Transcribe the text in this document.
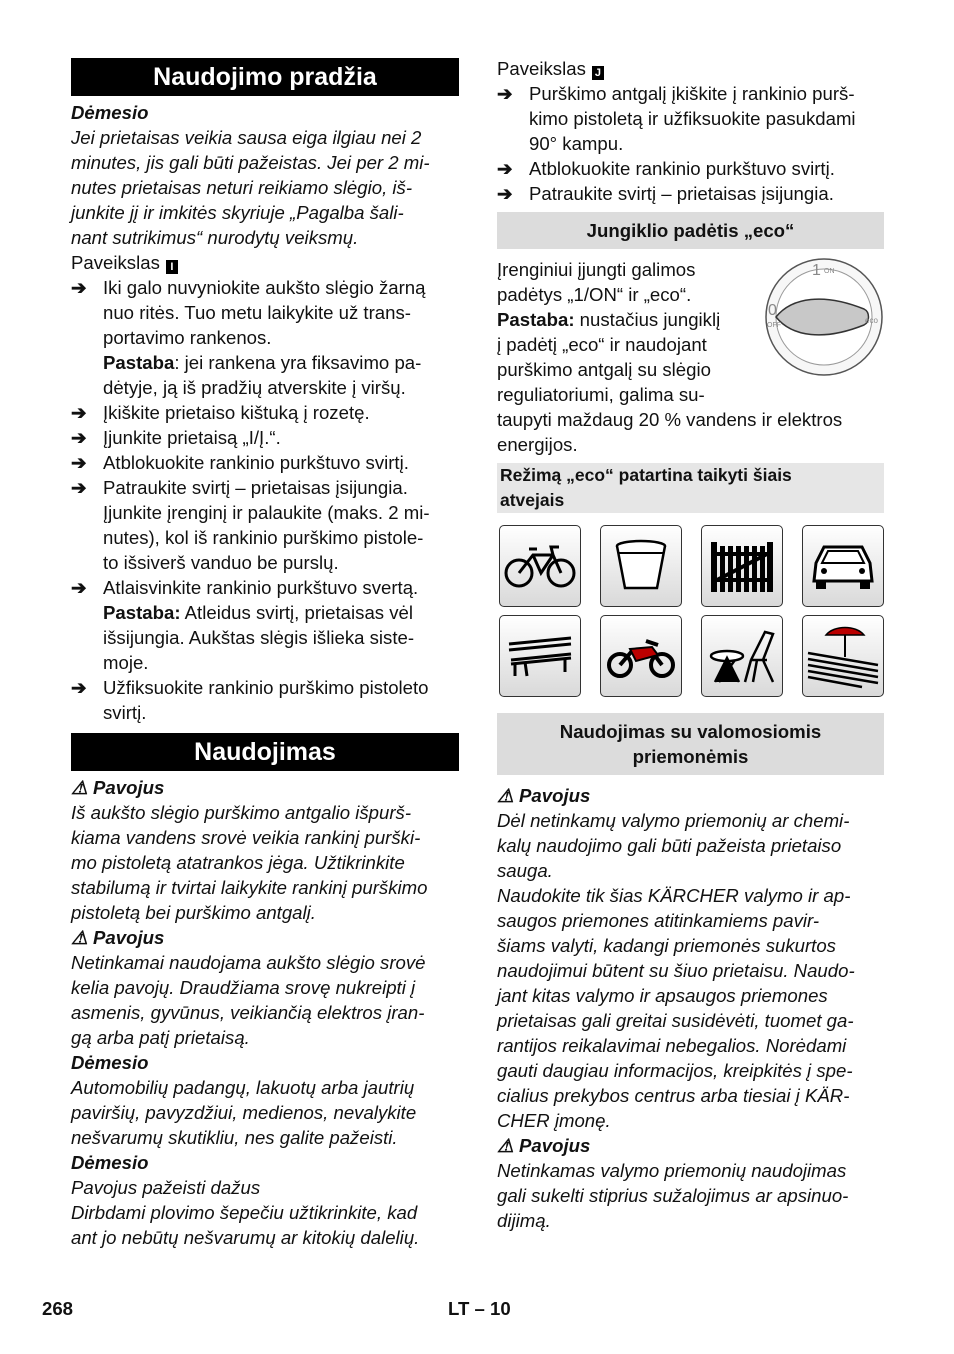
Naudojimo pradžia
Dėmesio
Jei prietaisas veikia sausa eiga ilgiau nei 2
minutes, jis gali būti pažeistas. Jei per 2 mi-
nutes prietaisas neturi reikiamo slėgio, iš-
junkite jį ir imkitės skyriuje „Pagalba šali-
nant sutrikimus“ nurodytų veiksmų.
Paveikslas I
➔ Iki galo nuvyniokite aukšto slėgio žarną
nuo ritės. Tuo metu laikykite už trans-
portavimo rankenos.
Pastaba: jei rankena yra fiksavimo pa-
dėtyje, ją iš pradžių atverskite į viršų.
➔ Įkiškite prietaiso kištuką į rozetę.
➔ Įjunkite prietaisą „I/Į.“.
➔ Atblokuokite rankinio purkštuvo svirtį.
➔ Patraukite svirtį – prietaisas įsijungia.
Įjunkite įrenginį ir palaukite (maks. 2 mi-
nutes), kol iš rankinio purškimo pistole-
to išsiverš vanduo be purslų.
➔ Atlaisvinkite rankinio purkštuvo svertą.
Pastaba: Atleidus svirtį, prietaisas vėl
išsijungia. Aukštas slėgis išlieka siste-
moje.
➔ Užfiksuokite rankinio purškimo pistoleto
svirtį.
Naudojimas
⚠ Pavojus
Iš aukšto slėgio purškimo antgalio išpurš-
kiama vandens srovė veikia rankinį purški-
mo pistoletą atatrankos jėga. Užtikrinkite
stabilumą ir tvirtai laikykite rankinį purškimo
pistoletą bei purškimo antgalį.
⚠ Pavojus
Netinkamai naudojama aukšto slėgio srovė
kelia pavojų. Draudžiama srovę nukreipti į
asmenis, gyvūnus, veikiančią elektros įran-
gą arba patį prietaisą.
Dėmesio
Automobilių padangų, lakuotų arba jautrių
paviršių, pavyzdžiui, medienos, nevalykite
nešvarumų skutikliu, nes galite pažeisti.
Dėmesio
Pavojus pažeisti dažus
Dirbdami plovimo šepečiu užtikrinkite, kad
ant jo nebūtų nešvarumų ar kitokių dalelių.
Paveikslas J
➔ Purškimo antgalį įkiškite į rankinio purš-
kimo pistoletą ir užfiksuokite pasukdami
90° kampu.
➔ Atblokuokite rankinio purkštuvo svirtį.
➔ Patraukite svirtį – prietaisas įsijungia.
Jungiklio padėtis „eco“
1 ON
0
OFF
eco
Įrenginiui įjungti galimos
padėtys „1/ON“ ir „eco“.
Pastaba: nustačius jungiklį
į padėtį „eco“ ir naudojant
purškimo antgalį su slėgio
reguliatoriumi, galima su-
taupyti maždaug 20 % vandens ir elektros
energijos.
Režimą „eco“ patartina taikyti šiais
atvejais
Naudojimas su valomosiomis
priemonėmis
⚠ Pavojus
Dėl netinkamų valymo priemonių ar chemi-
kalų naudojimo gali būti pažeista prietaiso
sauga.
Naudokite tik šias KÄRCHER valymo ir ap-
saugos priemones atitinkamiems pavir-
šiams valyti, kadangi priemonės sukurtos
naudojimui būtent su šiuo prietaisu. Naudo-
jant kitas valymo ir apsaugos priemones
prietaisas gali greitai susidėvėti, tuomet ga-
rantijos reikalavimai nebegalios. Norėdami
gauti daugiau informacijos, kreipkitės į spe-
cialius prekybos centrus arba tiesiai į KÄR-
CHER įmonę.
⚠ Pavojus
Netinkamas valymo priemonių naudojimas
gali sukelti stiprius sužalojimus ar apsinuo-
dijimą.
268	LT – 10
